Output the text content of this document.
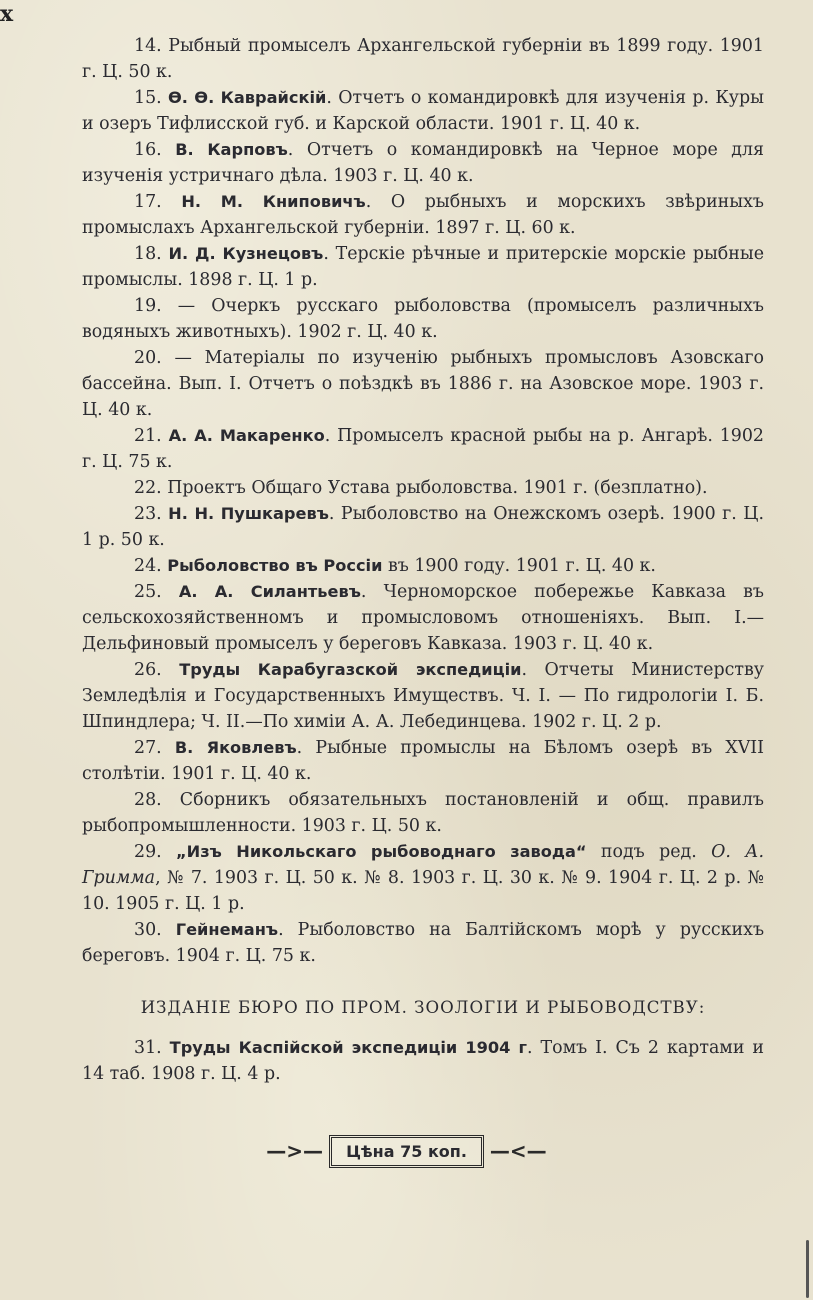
х

14. Рыбный промыселъ Архангельской губерніи въ 1899 году. 1901 г. Ц. 50 к.

15. Ѳ. Ѳ. Каврайскій. Отчетъ о командировкѣ для изученія р. Куры и озеръ Тифлисской губ. и Карской области. 1901 г. Ц. 40 к.

16. В. Карповъ. Отчетъ о командировкѣ на Черное море для изученія устричнаго дѣла. 1903 г. Ц. 40 к.

17. Н. М. Книповичъ. О рыбныхъ и морскихъ звѣриныхъ промыслахъ Архангельской губерніи. 1897 г. Ц. 60 к.

18. И. Д. Кузнецовъ. Терскіе рѣчные и притерскіе морскіе рыбные промыслы. 1898 г. Ц. 1 р.

19. — Очеркъ русскаго рыболовства (промыселъ различныхъ водяныхъ животныхъ). 1902 г. Ц. 40 к.

20. — Матеріалы по изученію рыбныхъ промысловъ Азовскаго бассейна. Вып. I. Отчетъ о поѣздкѣ въ 1886 г. на Азовское море. 1903 г. Ц. 40 к.

21. А. А. Макаренко. Промыселъ красной рыбы на р. Ангарѣ. 1902 г. Ц. 75 к.

22. Проектъ Общаго Устава рыболовства. 1901 г. (безплатно).

23. Н. Н. Пушкаревъ. Рыболовство на Онежскомъ озерѣ. 1900 г. Ц. 1 р. 50 к.

24. Рыболовство въ Россіи въ 1900 году. 1901 г. Ц. 40 к.

25. А. А. Силантьевъ. Черноморское побережье Кавказа въ сельскохозяйственномъ и промысловомъ отношеніяхъ. Вып. I.— Дельфиновый промыселъ у береговъ Кавказа. 1903 г. Ц. 40 к.

26. Труды Карабугазской экспедиціи. Отчеты Министерству Земледѣлія и Государственныхъ Имуществъ. Ч. I. — По гидрологіи I. Б. Шпиндлера; Ч. II.—По химіи А. А. Лебединцева. 1902 г. Ц. 2 р.

27. В. Яковлевъ. Рыбные промыслы на Бѣломъ озерѣ въ XVII столѣтіи. 1901 г. Ц. 40 к.

28. Сборникъ обязательныхъ постановленій и общ. правилъ рыбопромышленности. 1903 г. Ц. 50 к.

29. „Изъ Никольскаго рыбоводнаго завода“ подъ ред. О. А. Гримма, № 7. 1903 г. Ц. 50 к. № 8. 1903 г. Ц. 30 к. № 9. 1904 г. Ц. 2 р. № 10. 1905 г. Ц. 1 р.

30. Гейнеманъ. Рыболовство на Балтійскомъ морѣ у русскихъ береговъ. 1904 г. Ц. 75 к.

ИЗДАНІЕ БЮРО ПО ПРОМ. ЗООЛОГІИ И РЫБОВОДСТВУ:

31. Труды Каспійской экспедиціи 1904 г. Томъ I. Съ 2 картами и 14 таб. 1908 г. Ц. 4 р.

—>—	Цѣна 75 коп.	—<—
